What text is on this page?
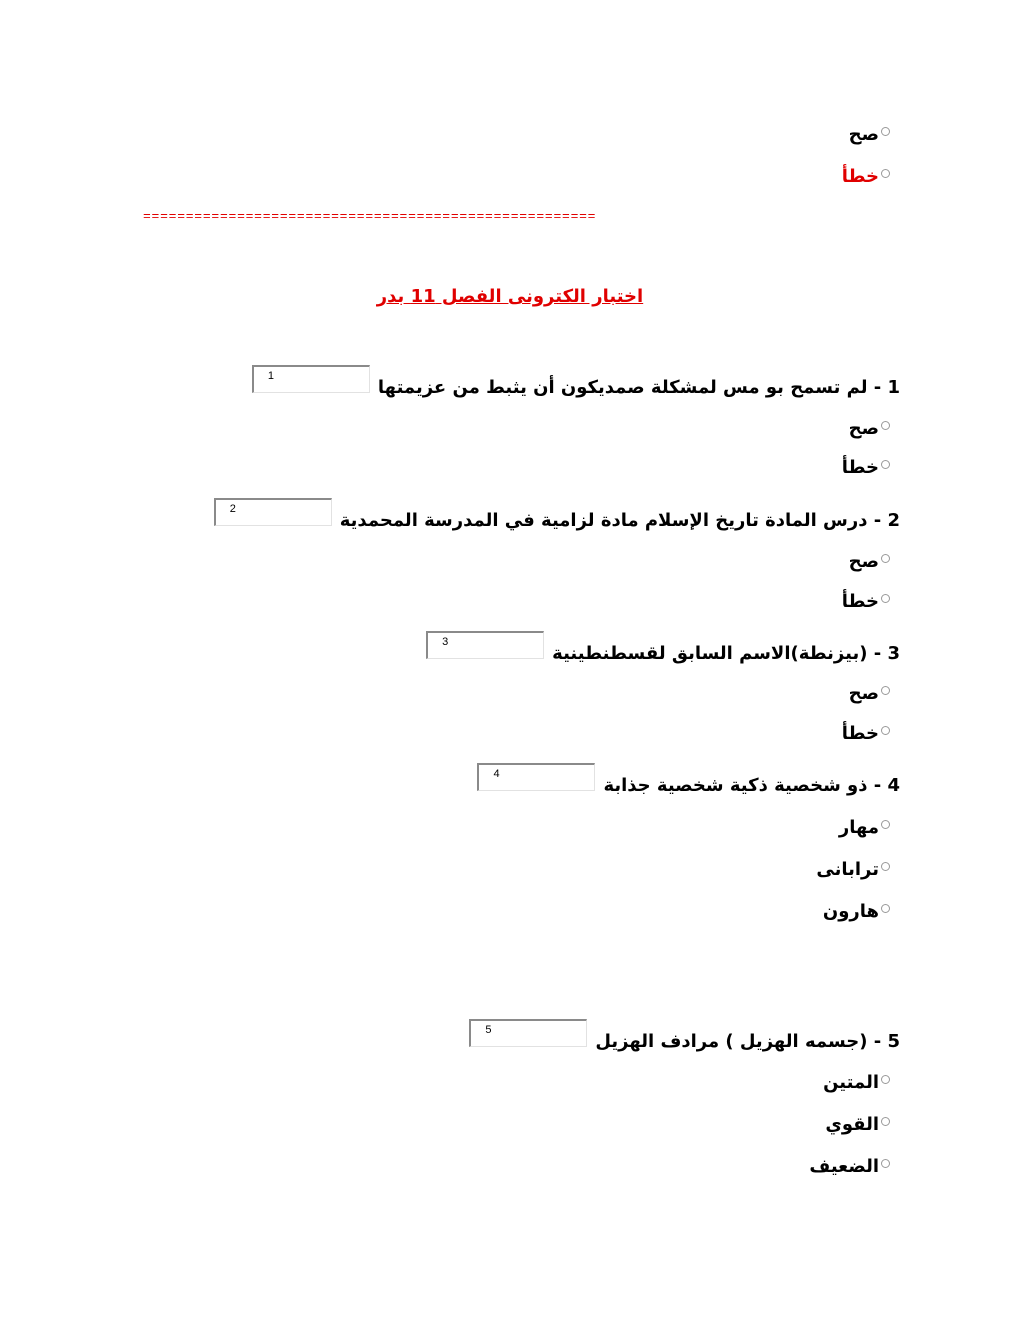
صح
خطأ
=====================================================
اختبار الكترونى الفصل 11 بدر
1
1 - لم تسمح بو مس لمشكلة صمديكون أن يثبط من عزيمتها
صح
خطأ
2
2 - درس المادة تاريخ الإسلام مادة لزامية في المدرسة المحمدية
صح
خطأ
3
3 - (بيزنطة)الاسم السابق لقسطنطينية
صح
خطأ
4
4 - ذو شخصية ذكية شخصية جذابة
مهار
ترابانى
هارون
5
5 - (جسمه الهزيل ) مرادف الهزيل
المتين
القوي
الضعيف
